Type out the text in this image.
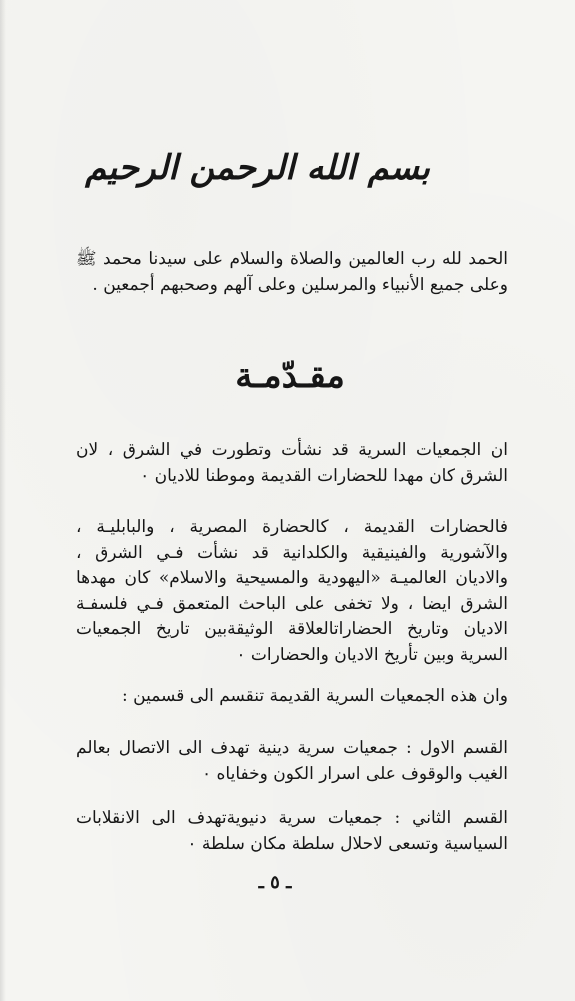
بسم الله الرحمن الرحيم

الحمد لله رب العالمين والصلاة والسلام على سيدنا محمد ﷺ وعلى جميع الأنبياء والمرسلين وعلى آلهم وصحبهم أجمعين .

مقـدّمـة

ان الجمعيات السرية قد نشأت وتطورت في الشرق ، لان الشرق كان مهدا للحضارات القديمة وموطنا للاديان ٠

فالحضارات القديمة ، كالحضارة المصرية ، والبابليـة ، والآشورية والفينيقية والكلدانية قد نشأت فـي الشرق ، والاديان العالميـة «اليهودية والمسيحية والاسلام» كان مهدها الشرق ايضا ، ولا تخفى على الباحث المتعمق فـي فلسفـة الاديان وتاريخ الحضاراتالعلاقة الوثيقةبين تاريخ الجمعيات السرية وبين تأريخ الاديان والحضارات ٠

وان هذه الجمعيات السرية القديمة تنقسم الى قسمين :

القسم الاول : جمعيات سرية دينية تهدف الى الاتصال بعالم الغيب والوقوف على اسرار الكون وخفاياه ٠

القسم الثاني : جمعيات سرية دنيويةتهدف الى الانقلابات السياسية وتسعى لاحلال سلطة مكان سلطة ٠

ـ ٥ ـ
